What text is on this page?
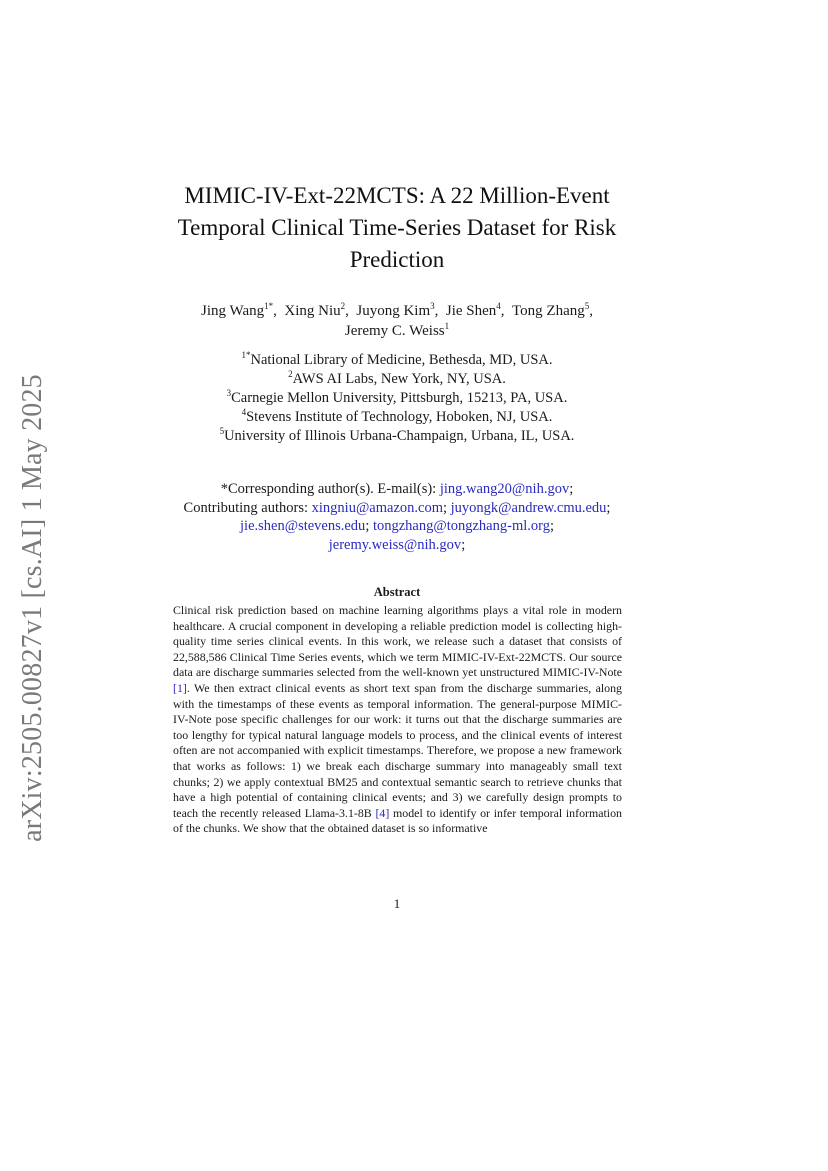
arXiv:2505.00827v1 [cs.AI] 1 May 2025
MIMIC-IV-Ext-22MCTS: A 22 Million-Event
Temporal Clinical Time-Series Dataset for Risk
Prediction
Jing Wang$^{1*}$ ,  Xing Niu$^2$ ,  Juyong Kim$^3$ ,  Jie Shen$^4$ ,  Tong Zhang$^5$ ,
Jeremy C. Weiss$^1$
$^{1*}$National Library of Medicine, Bethesda, MD, USA.
$^2$AWS AI Labs, New York, NY, USA.
$^3$Carnegie Mellon University, Pittsburgh, 15213, PA, USA.
$^4$Stevens Institute of Technology, Hoboken, NJ, USA.
$^5$University of Illinois Urbana-Champaign, Urbana, IL, USA.
*Corresponding author(s). E-mail(s): jing.wang20@nih.gov;
Contributing authors: xingniu@amazon.com; juyongk@andrew.cmu.edu;
jie.shen@stevens.edu; tongzhang@tongzhang-ml.org;
jeremy.weiss@nih.gov;
Abstract
Clinical risk prediction based on machine learning algorithms plays a vital role in modern healthcare. A crucial component in developing a reliable prediction model is collecting high-quality time series clinical events. In this work, we release such a dataset that consists of 22,588,586 Clinical Time Series events, which we term MIMIC-IV-Ext-22MCTS. Our source data are discharge summaries selected from the well-known yet unstructured MIMIC-IV-Note [1]. We then extract clinical events as short text span from the discharge summaries, along with the timestamps of these events as temporal information. The general-purpose MIMIC-IV-Note pose specific challenges for our work: it turns out that the discharge summaries are too lengthy for typical natural language models to process, and the clinical events of interest often are not accompanied with explicit timestamps. Therefore, we propose a new framework that works as follows: 1) we break each discharge summary into manageably small text chunks; 2) we apply contextual BM25 and contextual semantic search to retrieve chunks that have a high potential of containing clinical events; and 3) we carefully design prompts to teach the recently released Llama-3.1-8B [4] model to identify or infer temporal information of the chunks. We show that the obtained dataset is so informative
1
